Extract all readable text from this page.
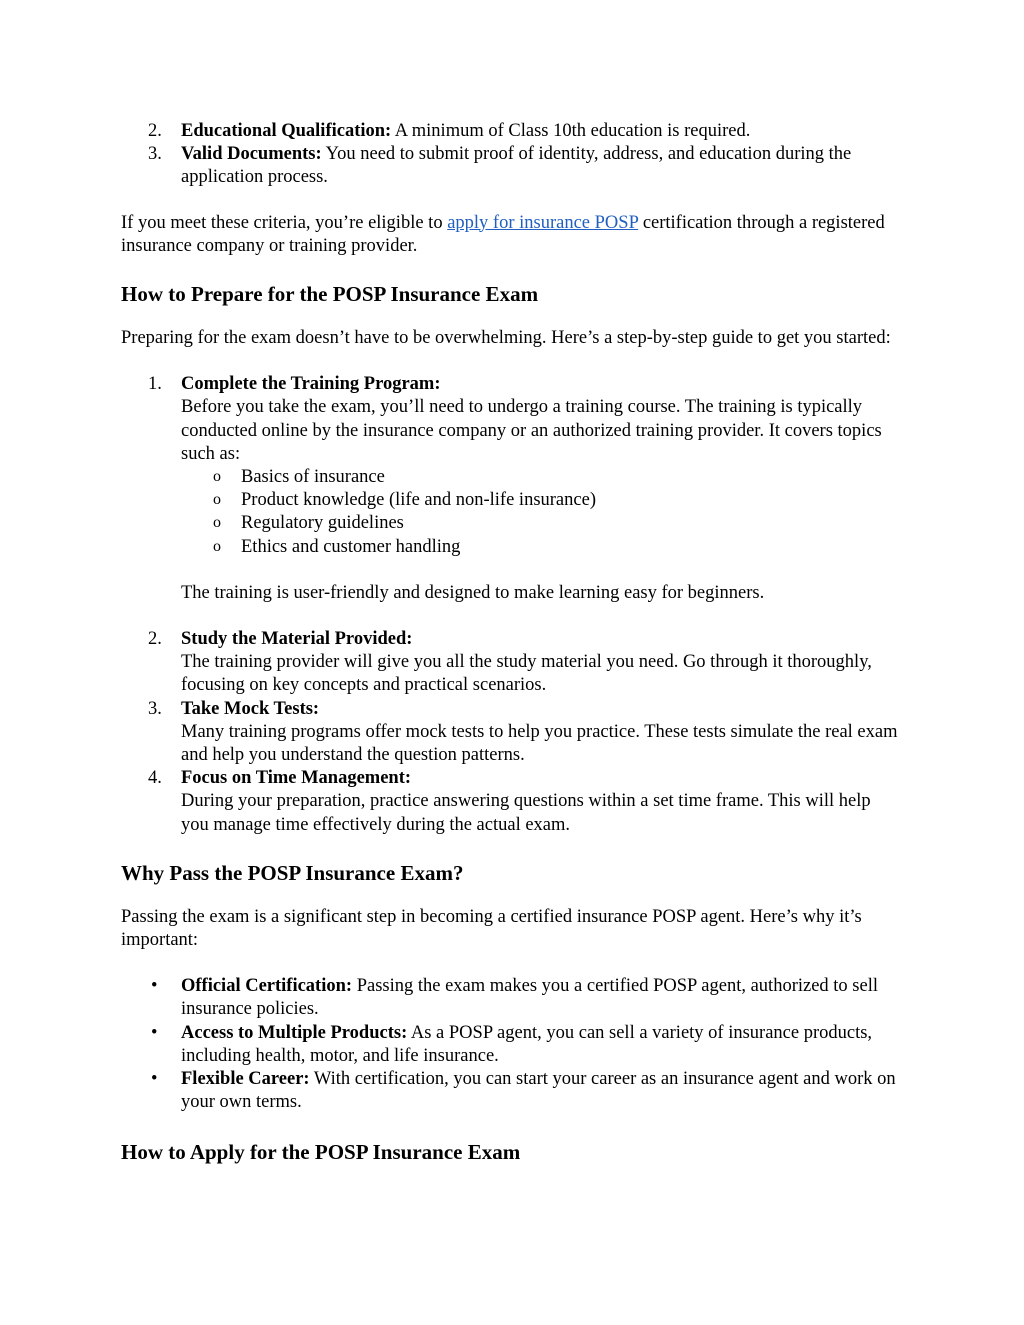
2. Educational Qualification: A minimum of Class 10th education is required.
3. Valid Documents: You need to submit proof of identity, address, and education during the application process.

If you meet these criteria, you’re eligible to apply for insurance POSP certification through a registered insurance company or training provider.

How to Prepare for the POSP Insurance Exam

Preparing for the exam doesn’t have to be overwhelming. Here’s a step-by-step guide to get you started:

1. Complete the Training Program:
Before you take the exam, you’ll need to undergo a training course. The training is typically conducted online by the insurance company or an authorized training provider. It covers topics such as:
o Basics of insurance
o Product knowledge (life and non-life insurance)
o Regulatory guidelines
o Ethics and customer handling
The training is user-friendly and designed to make learning easy for beginners.
2. Study the Material Provided:
The training provider will give you all the study material you need. Go through it thoroughly, focusing on key concepts and practical scenarios.
3. Take Mock Tests:
Many training programs offer mock tests to help you practice. These tests simulate the real exam and help you understand the question patterns.
4. Focus on Time Management:
During your preparation, practice answering questions within a set time frame. This will help you manage time effectively during the actual exam.
Why Pass the POSP Insurance Exam?

Passing the exam is a significant step in becoming a certified insurance POSP agent. Here’s why it’s important:

• Official Certification: Passing the exam makes you a certified POSP agent, authorized to sell insurance policies.
• Access to Multiple Products: As a POSP agent, you can sell a variety of insurance products, including health, motor, and life insurance.
• Flexible Career: With certification, you can start your career as an insurance agent and work on your own terms.
How to Apply for the POSP Insurance Exam
